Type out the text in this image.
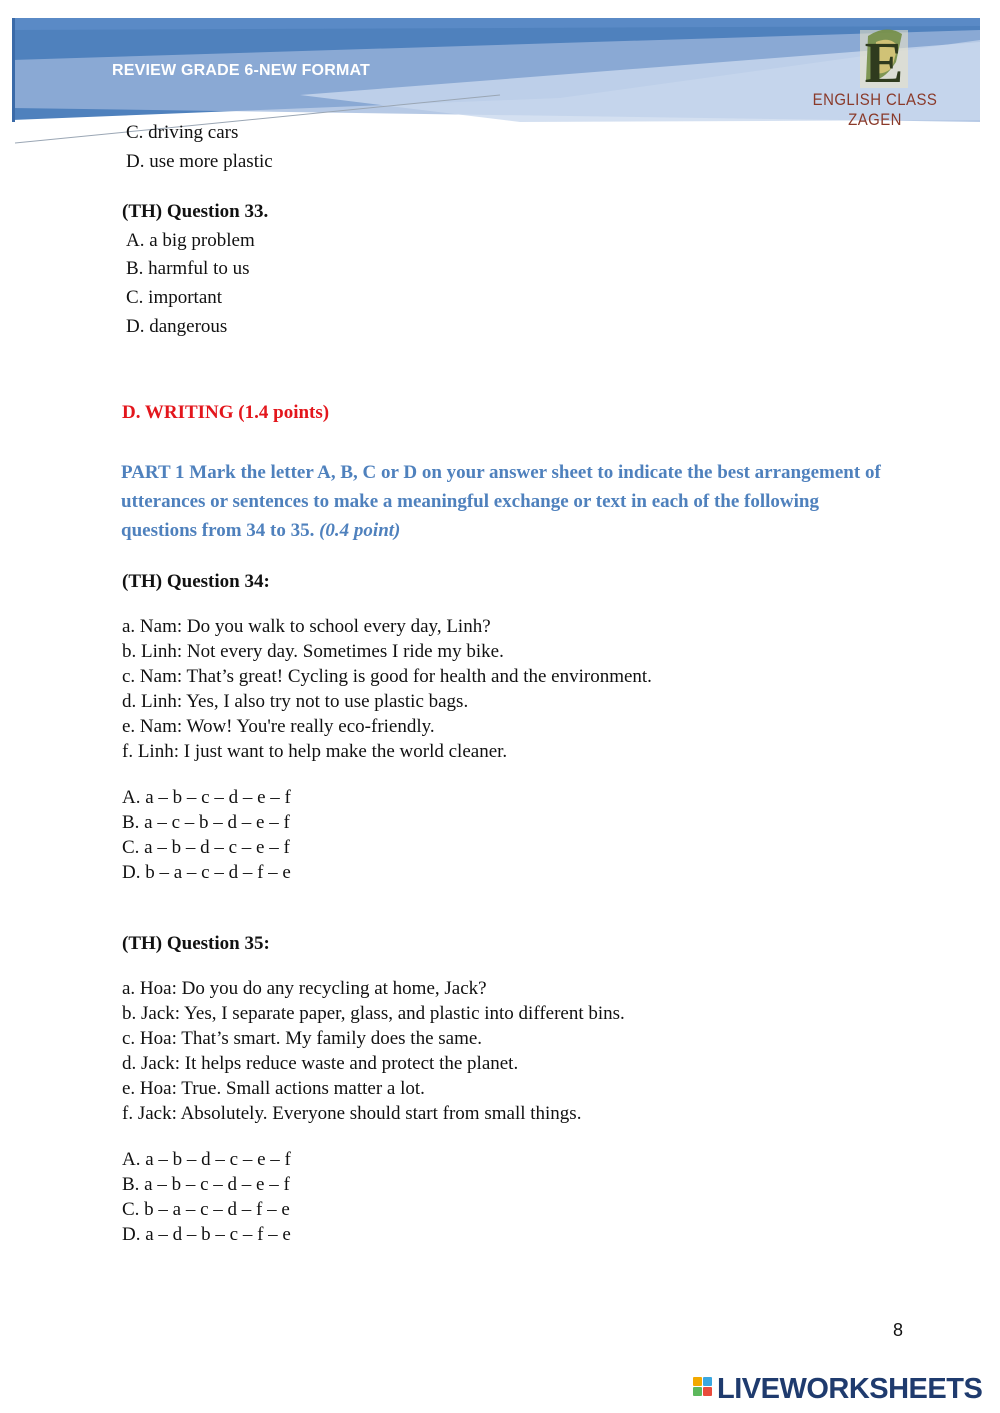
REVIEW GRADE 6-NEW FORMAT	E
ENGLISH CLASS ZAGEN
C. driving cars
D. use more plastic
(TH) Question 33.
A. a big problem
B. harmful to us
C. important
D. dangerous
D. WRITING (1.4 points)
PART 1 Mark the letter A, B, C or D on your answer sheet to indicate the best arrangement of utterances or sentences to make a meaningful exchange or text in each of the following questions from 34 to 35. (0.4 point)
(TH) Question 34:
a. Nam: Do you walk to school every day, Linh?
b. Linh: Not every day. Sometimes I ride my bike.
c. Nam: That’s great! Cycling is good for health and the environment.
d. Linh: Yes, I also try not to use plastic bags.
e. Nam: Wow! You're really eco-friendly.
f. Linh: I just want to help make the world cleaner.
A. a – b – c – d – e – f
B. a – c – b – d – e – f
C. a – b – d – c – e – f
D. b – a – c – d – f – e
(TH) Question 35:
a. Hoa: Do you do any recycling at home, Jack?
b. Jack: Yes, I separate paper, glass, and plastic into different bins.
c. Hoa: That’s smart. My family does the same.
d. Jack: It helps reduce waste and protect the planet.
e. Hoa: True. Small actions matter a lot.
f. Jack: Absolutely. Everyone should start from small things.
A. a – b – d – c – e – f
B. a – b – c – d – e – f
C. b – a – c – d – f – e
D. a – d – b – c – f – e
8
LIVEWORKSHEETS
